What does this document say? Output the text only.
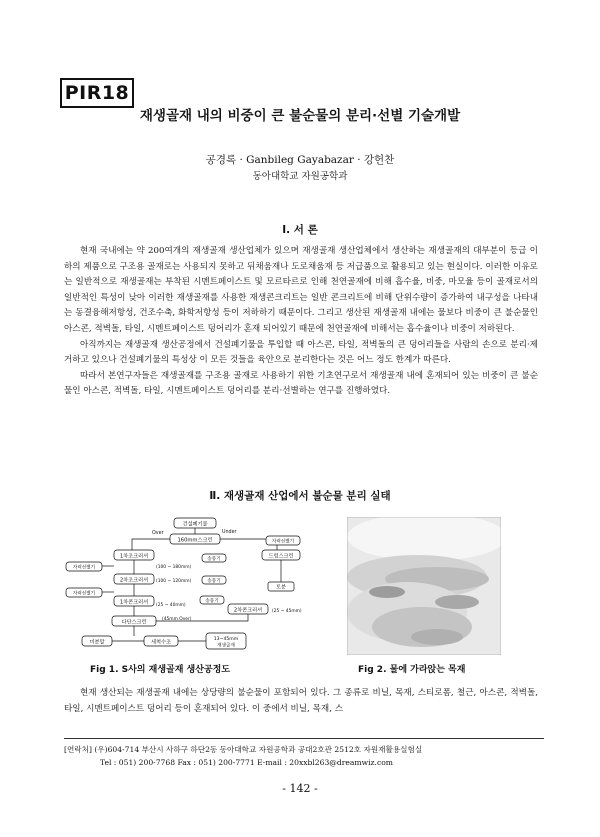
PIR18
재생골재 내의 비중이 큰 불순물의 분리·선별 기술개발
공경록 · Ganbileg Gayabazar · 강헌찬
동아대학교 자원공학과
Ⅰ. 서 론

현재 국내에는 약 200여개의 재생골재 생산업체가 있으며 재생골재 생산업체에서 생산하는 재생골재의 대부분이 등급 이하의 제품으로 구조용 골재로는 사용되지 못하고 뒤채움재나 도로채움재 등 저급품으로 활용되고 있는 현실이다. 이러한 이유로는 일반적으로 재생골재는 부착된 시멘트페이스트 및 모르타르로 인해 천연골재에 비해 흡수율, 비중, 마모율 등이 골재로서의 일반적인 특성이 낮아 이러한 재생골재를 사용한 재생콘크리트는 일반 콘크리트에 비해 단위수량이 증가하여 내구성을 나타내는 동결융해저항성, 건조수축, 화학저항성 등이 저하하기 때문이다. 그리고 생산된 재생골재 내에는 물보다 비중이 큰 불순물인 아스콘, 적벽돌, 타일, 시멘트페이스트 덩어리가 혼재 되어있기 때문에 천연골재에 비해서는 흡수율이나 비중이 저하된다.

아직까지는 재생골재 생산공정에서 건설폐기물을 투입할 때 아스콘, 타일, 적벽돌의 큰 덩어리들을 사람의 손으로 분리·제거하고 있으나 건설폐기물의 특성상 이 모든 것들을 육안으로 분리한다는 것은 어느 정도 한계가 따른다.

따라서 본연구자들은 재생골재를 구조용 골재로 사용하기 위한 기초연구로서 재생골재 내에 혼재되어 있는 비중이 큰 불순물인 아스콘, 적벽돌, 타일, 시멘트페이스트 덩어리를 분리·선별하는 연구를 진행하였다.

Ⅱ. 재생골재 산업에서 불순물 분리 실태
건설폐기물
160mm스크린
Over	Under
자력선별기
1차조크러셔	송풍기	드럼스크린
(100 ~ 180mm)
자력선별기
2차조크러셔 (100 ~ 120mm)	송풍기
토분
자력선별기
1차콘크러셔 (25 ~ 40mm)
송풍기
2차콘크러셔 (25 ~ 45mm)
다단스크린	(45mm Over)
미분말	세척수조	13~45mm
재생골재
Fig 1. S사의 재생골재 생산공정도	Fig 2. 물에 가라앉는 목재

현재 생산되는 재생골재 내에는 상당량의 불순물이 포함되어 있다. 그 종류로 비닐, 목재, 스티로폼, 철근, 아스콘, 적벽돌, 타일, 시멘트페이스트 덩어리 등이 혼재되어 있다. 이 중에서 비닐, 목재, 스

[연락처] (우)604-714 부산시 사하구 하단2동 동아대학교 자원공학과 공대2호관 2512호 자원재활용실험실
Tel : 051) 200-7768 Fax : 051) 200-7771 E-mail : 20xxbl263@dreamwiz.com
- 142 -
